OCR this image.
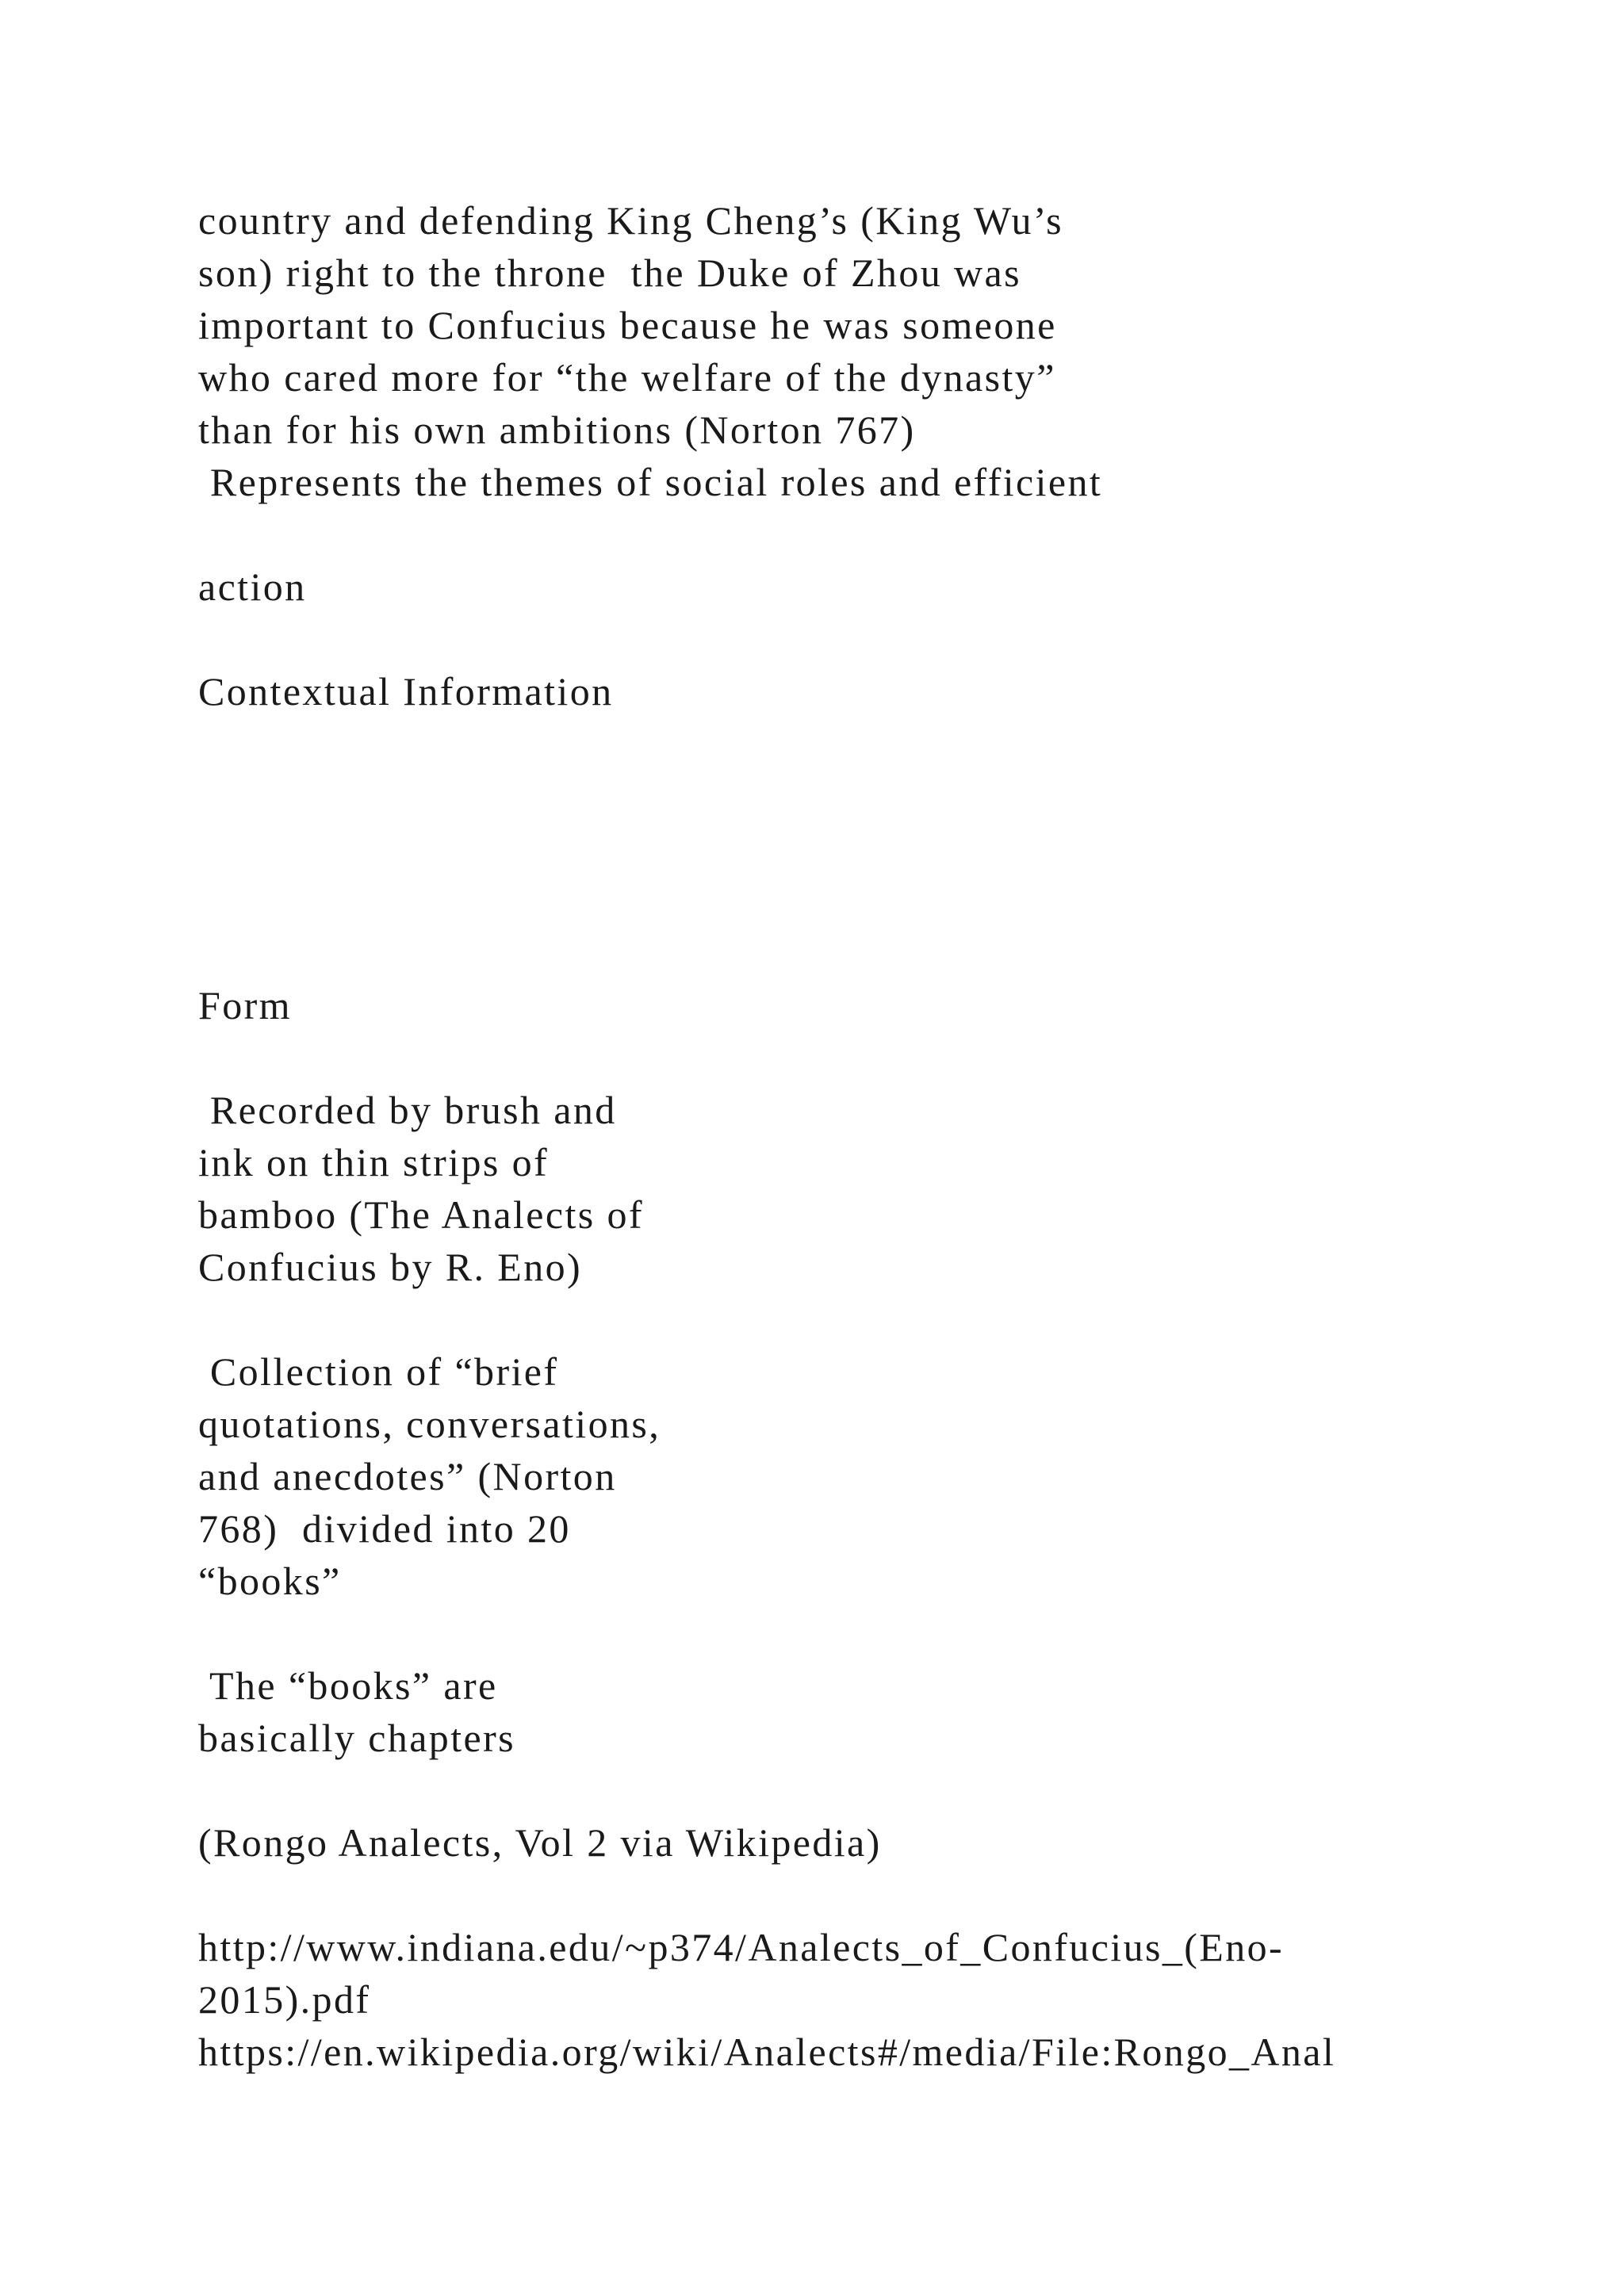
country and defending King Cheng’s (King Wu’s
son) right to the throne  the Duke of Zhou was
important to Confucius because he was someone
who cared more for “the welfare of the dynasty”
than for his own ambitions (Norton 767)
Represents the themes of social roles and efficient
action
Contextual Information
Form
Recorded by brush and
ink on thin strips of
bamboo (The Analects of
Confucius by R. Eno)
Collection of “brief
quotations, conversations,
and anecdotes” (Norton
768)  divided into 20
“books”
The “books” are
basically chapters
(Rongo Analects, Vol 2 via Wikipedia)
http://www.indiana.edu/~p374/Analects_of_Confucius_(Eno-
2015).pdf
https://en.wikipedia.org/wiki/Analects#/media/File:Rongo_Anal
